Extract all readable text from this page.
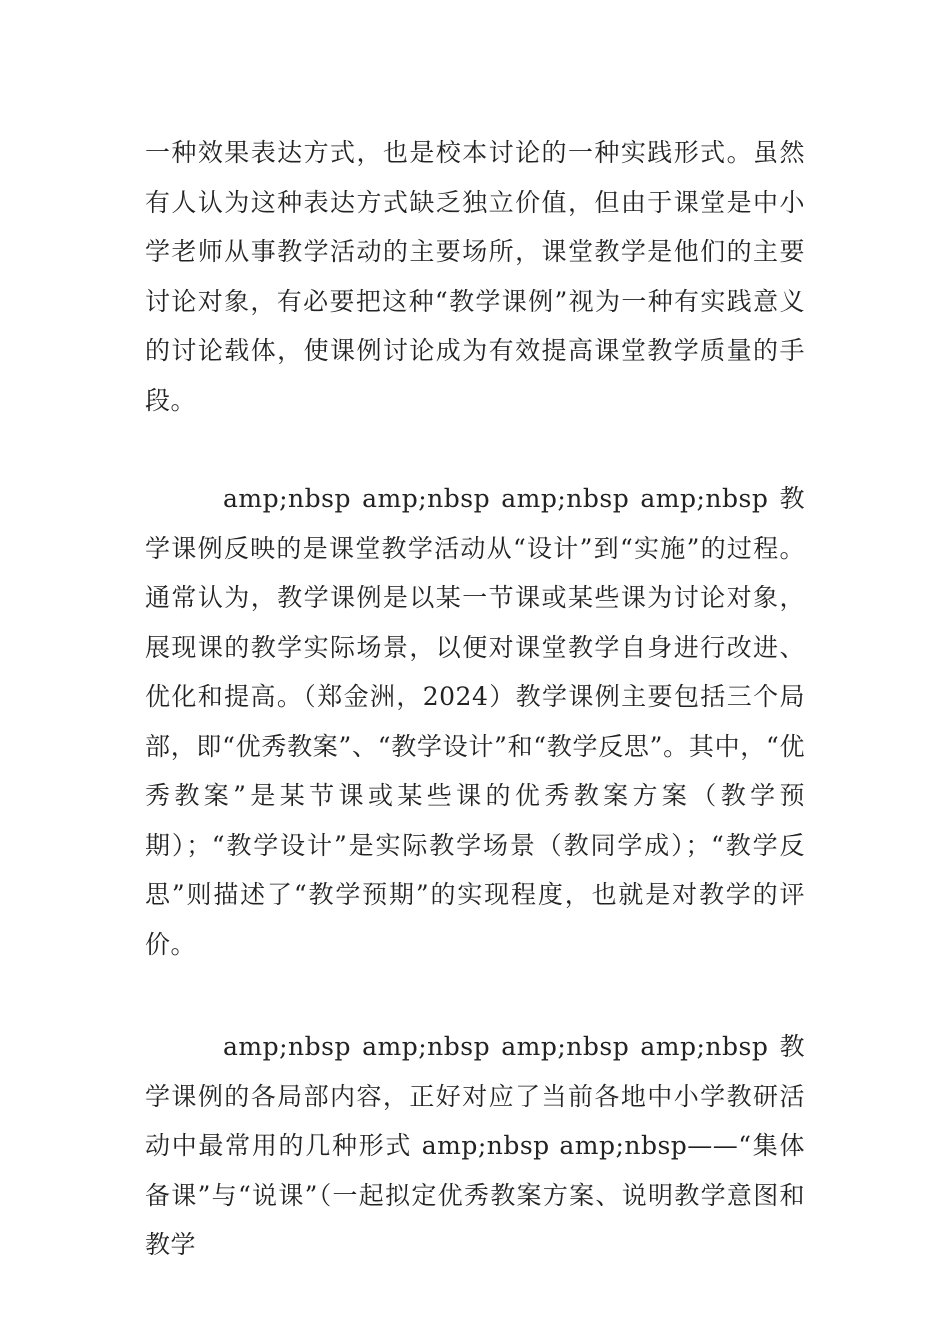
一种效果表达方式，也是校本讨论的一种实践形式。虽然有人认为这种表达方式缺乏独立价值，但由于课堂是中小学老师从事教学活动的主要场所，课堂教学是他们的主要讨论对象，有必要把这种“教学课例”视为一种有实践意义的讨论载体，使课例讨论成为有效提高课堂教学质量的手段。

amp;nbsp amp;nbsp amp;nbsp amp;nbsp 教学课例反映的是课堂教学活动从“设计”到“实施”的过程。通常认为，教学课例是以某一节课或某些课为讨论对象，展现课的教学实际场景，以便对课堂教学自身进行改进、优化和提高。（郑金洲，2024）教学课例主要包括三个局部，即“优秀教案”、“教学设计”和“教学反思”。其中，“优秀教案”是某节课或某些课的优秀教案方案（教学预期）；“教学设计”是实际教学场景（教同学成）；“教学反思”则描述了“教学预期”的实现程度，也就是对教学的评价。

amp;nbsp amp;nbsp amp;nbsp amp;nbsp 教学课例的各局部内容，正好对应了当前各地中小学教研活动中最常用的几种形式 amp;nbsp amp;nbsp——“集体备课”与“说课”（一起拟定优秀教案方案、说明教学意图和教学
